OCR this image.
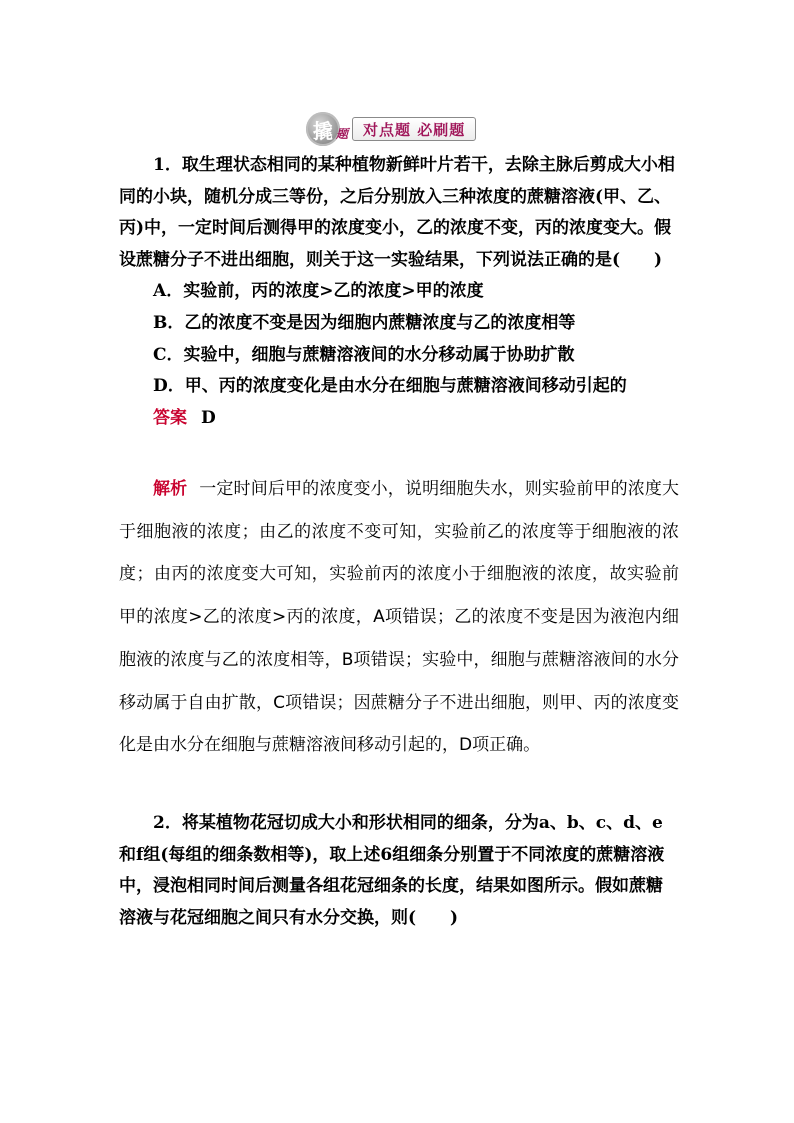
撬 题	对点题 必刷题
1．取生理状态相同的某种植物新鲜叶片若干，去除主脉后剪成大小相同的小块，随机分成三等份，之后分别放入三种浓度的蔗糖溶液(甲、乙、丙)中，一定时间后测得甲的浓度变小，乙的浓度不变，丙的浓度变大。假设蔗糖分子不进出细胞，则关于这一实验结果，下列说法正确的是(　　)
A．实验前，丙的浓度>乙的浓度>甲的浓度
B．乙的浓度不变是因为细胞内蔗糖浓度与乙的浓度相等
C．实验中，细胞与蔗糖溶液间的水分移动属于协助扩散
D．甲、丙的浓度变化是由水分在细胞与蔗糖溶液间移动引起的
答案 D
解析 一定时间后甲的浓度变小，说明细胞失水，则实验前甲的浓度大于细胞液的浓度；由乙的浓度不变可知，实验前乙的浓度等于细胞液的浓度；由丙的浓度变大可知，实验前丙的浓度小于细胞液的浓度，故实验前甲的浓度>乙的浓度>丙的浓度，A项错误；乙的浓度不变是因为液泡内细胞液的浓度与乙的浓度相等，B项错误；实验中，细胞与蔗糖溶液间的水分移动属于自由扩散，C项错误；因蔗糖分子不进出细胞，则甲、丙的浓度变化是由水分在细胞与蔗糖溶液间移动引起的，D项正确。

2．将某植物花冠切成大小和形状相同的细条，分为a、b、c、d、e和f组(每组的细条数相等)，取上述6组细条分别置于不同浓度的蔗糖溶液中，浸泡相同时间后测量各组花冠细条的长度，结果如图所示。假如蔗糖溶液与花冠细胞之间只有水分交换，则(　　)
